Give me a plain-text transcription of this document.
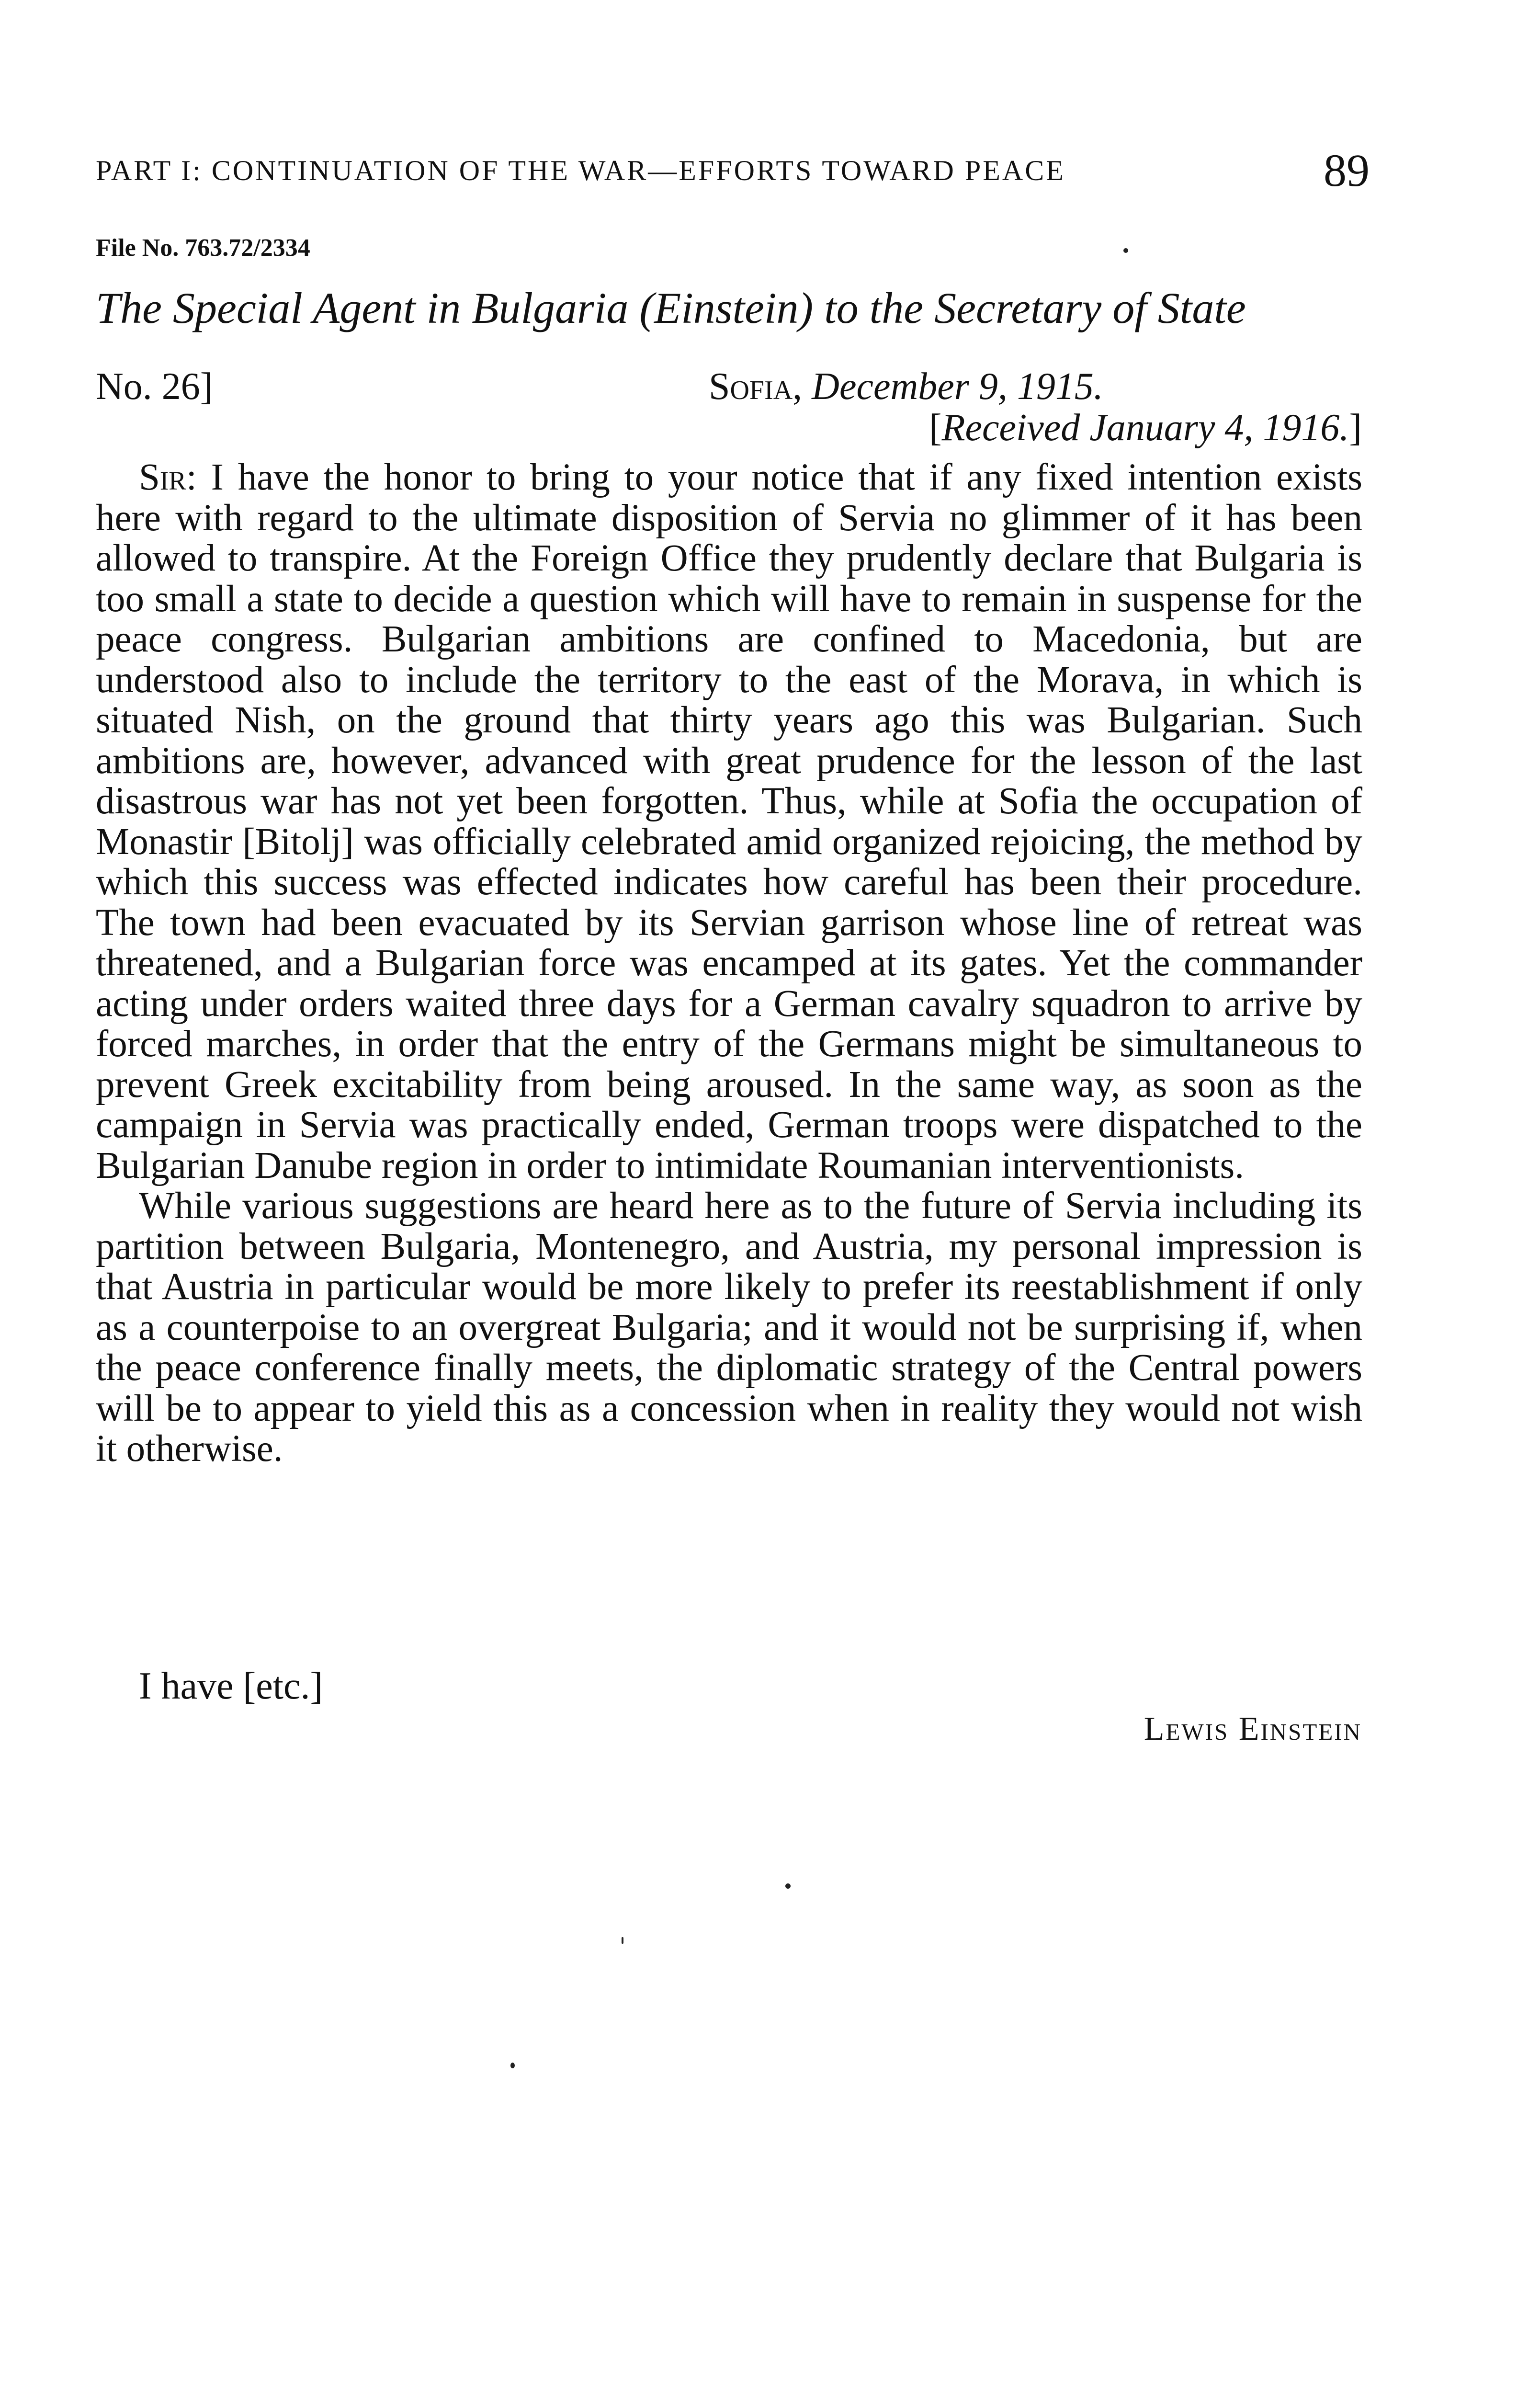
PART I: CONTINUATION OF THE WAR—EFFORTS TOWARD PEACE	89
File No. 763.72/2334
The Special Agent in Bulgaria (Einstein) to the Secretary of State
No. 26]	Sofia, December 9, 1915.
[Received January 4, 1916.]

Sir: I have the honor to bring to your notice that if any fixed intention exists here with regard to the ultimate disposition of Servia no glimmer of it has been allowed to transpire. At the Foreign Office they prudently declare that Bulgaria is too small a state to decide a question which will have to remain in suspense for the peace congress. Bulgarian ambitions are confined to Macedonia, but are understood also to include the territory to the east of the Morava, in which is situated Nish, on the ground that thirty years ago this was Bulgarian. Such ambitions are, however, advanced with great prudence for the lesson of the last disastrous war has not yet been forgotten. Thus, while at Sofia the occupation of Monastir [Bitolj] was officially celebrated amid organized rejoicing, the method by which this success was effected indicates how careful has been their procedure. The town had been evacuated by its Servian garrison whose line of retreat was threatened, and a Bulgarian force was encamped at its gates. Yet the commander acting under orders waited three days for a German cavalry squadron to arrive by forced marches, in order that the entry of the Germans might be simultaneous to prevent Greek excitability from being aroused. In the same way, as soon as the campaign in Servia was practically ended, German troops were dispatched to the Bulgarian Danube region in order to intimidate Roumanian interventionists.

While various suggestions are heard here as to the future of Servia including its partition between Bulgaria, Montenegro, and Austria, my personal impression is that Austria in particular would be more likely to prefer its reestablishment if only as a counterpoise to an overgreat Bulgaria; and it would not be surprising if, when the peace conference finally meets, the diplomatic strategy of the Central powers will be to appear to yield this as a concession when in reality they would not wish it otherwise.

I have [etc.]
Lewis Einstein
